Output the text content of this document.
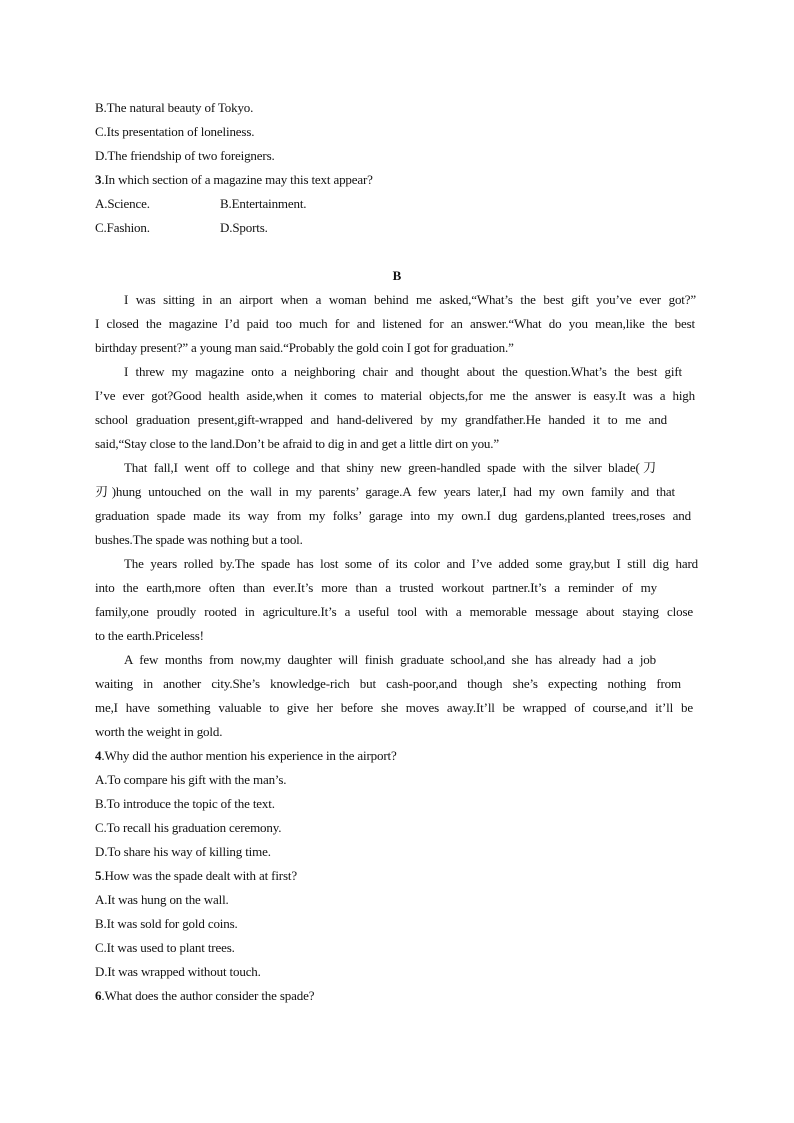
B.The natural beauty of Tokyo.
C.Its presentation of loneliness.
D.The friendship of two foreigners.
3.In which section of a magazine may this text appear?
A.Science.	B.Entertainment.
C.Fashion.	D.Sports.
B
I was sitting in an airport when a woman behind me asked,“What’s the best gift you’ve ever got?”
I closed the magazine I’d paid too much for and listened for an answer.“What do you mean,like the best
birthday present?” a young man said.“Probably the gold coin I got for graduation.”
I threw my magazine onto a neighboring chair and thought about the question.What’s the best gift
I’ve ever got?Good health aside,when it comes to material objects,for me the answer is easy.It was a high
school graduation present,gift-wrapped and hand-delivered by my grandfather.He handed it to me and
said,“Stay close to the land.Don’t be afraid to dig in and get a little dirt on you.”
That fall,I went off to college and that shiny new green-handled spade with the silver blade(刀
刃)hung untouched on the wall in my parents’ garage.A few years later,I had my own family and that
graduation spade made its way from my folks’ garage into my own.I dug gardens,planted trees,roses and
bushes.The spade was nothing but a tool.
The years rolled by.The spade has lost some of its color and I’ve added some gray,but I still dig hard
into the earth,more often than ever.It’s more than a trusted workout partner.It’s a reminder of my
family,one proudly rooted in agriculture.It’s a useful tool with a memorable message about staying close
to the earth.Priceless!
A few months from now,my daughter will finish graduate school,and she has already had a job
waiting in another city.She’s knowledge-rich but cash-poor,and though she’s expecting nothing from
me,I have something valuable to give her before she moves away.It’ll be wrapped of course,and it’ll be
worth the weight in gold.
4.Why did the author mention his experience in the airport?
A.To compare his gift with the man’s.
B.To introduce the topic of the text.
C.To recall his graduation ceremony.
D.To share his way of killing time.
5.How was the spade dealt with at first?
A.It was hung on the wall.
B.It was sold for gold coins.
C.It was used to plant trees.
D.It was wrapped without touch.
6.What does the author consider the spade?
